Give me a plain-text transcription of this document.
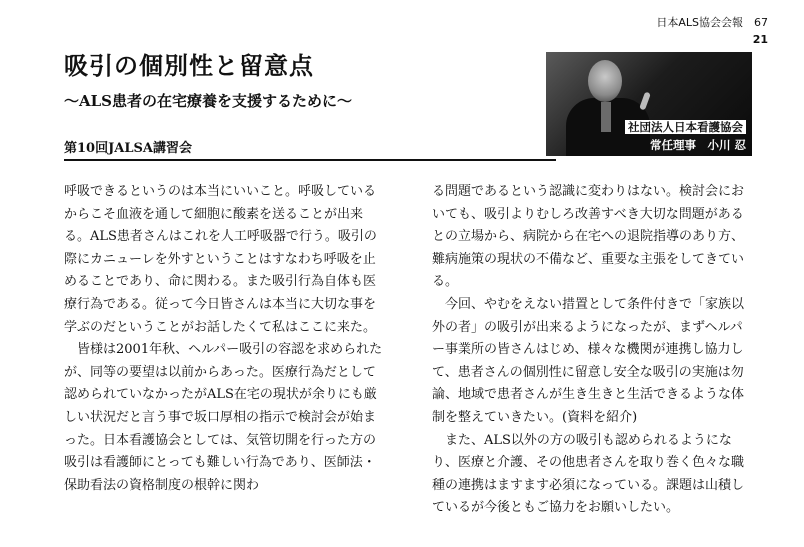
日本ALS協会会報　67
21
吸引の個別性と留意点
〜ALS患者の在宅療養を支援するために〜
第10回JALSA講習会
社団法人日本看護協会
常任理事　小川 忍

呼吸できるというのは本当にいいこと。呼吸しているからこそ血液を通して細胞に酸素を送ることが出来る。ALS患者さんはこれを人工呼吸器で行う。吸引の際にカニューレを外すということはすなわち呼吸を止めることであり、命に関わる。また吸引行為自体も医療行為である。従って今日皆さんは本当に大切な事を学ぶのだということがお話したくて私はここに来た。

　皆様は2001年秋、ヘルパー吸引の容認を求められたが、同等の要望は以前からあった。医療行為だとして認められていなかったがALS在宅の現状が余りにも厳しい状況だと言う事で坂口厚相の指示で検討会が始まった。日本看護協会としては、気管切開を行った方の吸引は看護師にとっても難しい行為であり、医師法・保助看法の資格制度の根幹に関わ

る問題であるという認識に変わりはない。検討会においても、吸引よりむしろ改善すべき大切な問題があるとの立場から、病院から在宅への退院指導のあり方、難病施策の現状の不備など、重要な主張をしてきている。

　今回、やむをえない措置として条件付きで「家族以外の者」の吸引が出来るようになったが、まずヘルパー事業所の皆さんはじめ、様々な機関が連携し協力して、患者さんの個別性に留意し安全な吸引の実施は勿論、地域で患者さんが生き生きと生活できるような体制を整えていきたい。(資料を紹介)

　また、ALS以外の方の吸引も認められるようになり、医療と介護、その他患者さんを取り巻く色々な職種の連携はますます必須になっている。課題は山積しているが今後ともご協力をお願いしたい。
